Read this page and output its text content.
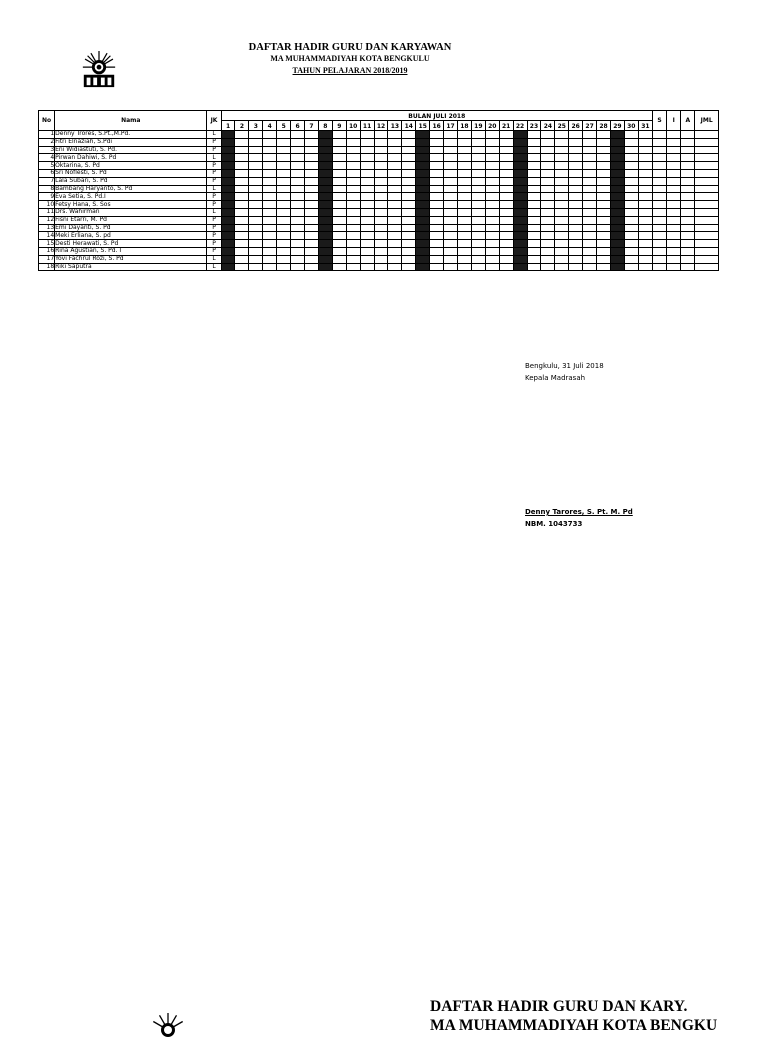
DAFTAR HADIR GURU DAN KARYAWAN
MA MUHAMMADIYAH KOTA BENGKULU
TAHUN PELAJARAN 2018/2019
No	Nama	JK	BULAN JULI 2018																															S	I	A	JML
			1	2	3	4	5	6	7	8	9	10	11	12	13	14	15	16	17	18	19	20	21	22	23	24	25	26	27	28	29	30	31				
1	Denny Trores, S.Pt.,M.Pd.	L																																			
2	Fitri Elnaziah, S.Pdi	P																																			
3	Eni Widiastuti, S. Pd.	P																																			
4	Pirwan Dahiwi, S. Pd	L																																			
5	Oktarina, S. Pd	P																																			
6	Sri Noflesti, S. Pd	P																																			
7	Lala Subari, S. Pd	P																																			
8	Bambang Haryanto, S. Pd	L																																			
9	Eva Setia, S. Pd.I	P																																			
10	Fetsy Hana, S. Sos	P																																			
11	Drs. Wahirman	L																																			
12	Fisni Etarri, M. Pd	P																																			
13	Emi Dayanti, S. Pd	P																																			
14	Meki Erliana, S. pd	P																																			
15	Desti Herawati, S. Pd	P																																			
16	Rina Agustian, S. Pd. I	P																																			
17	Yovi Fachrul Rozi, S. Pd	L																																			
18	Riki Saputra	L																																			
Bengkulu, 31 Juli 2018
Kepala Madrasah
Denny Tarores, S. Pt. M. Pd
NBM. 1043733
DAFTAR HADIR GURU DAN KARY.
MA MUHAMMADIYAH KOTA BENGKU
